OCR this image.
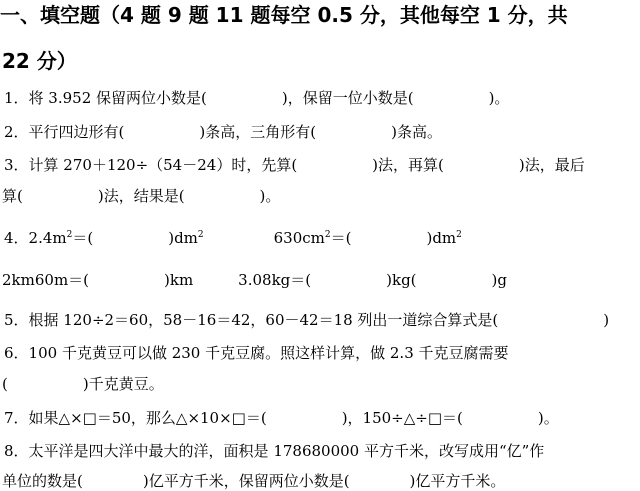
一、填空题（4 题 9 题 11 题每空 0.5 分，其他每空 1 分，共
22 分）
1．将 3.952 保留两位小数是(　　　　　)，保留一位小数是(　　　　　)。
2．平行四边形有(　　　　　)条高，三角形有(　　　　　)条高。
3．计算 270＋120÷（54－24）时，先算(　　　　　)法，再算(　　　　　)法，最后
算(　　　　　)法，结果是(　　　　　)。
4．$2.4m^2=$(　　　　　)$dm^2$	$630cm^2=$(　　　　　)$dm^2$
2km60m＝(　　　　　)km　　　3.08kg＝(　　　　　)kg(　　　　　)g
5．根据 120÷2＝60，58－16＝42，60－42＝18 列出一道综合算式是(　　　　　　　)
6．100 千克黄豆可以做 230 千克豆腐。照这样计算，做 2.3 千克豆腐需要
(　　　　　)千克黄豆。
7．如果△×□＝50，那么△×10×□＝(　　　　　)，150÷△÷□＝(　　　　　)。
8．太平洋是四大洋中最大的洋，面积是 178680000 平方千米，改写成用“亿”作
单位的数是(　　　　)亿平方千米，保留两位小数是(　　　　)亿平方千米。
